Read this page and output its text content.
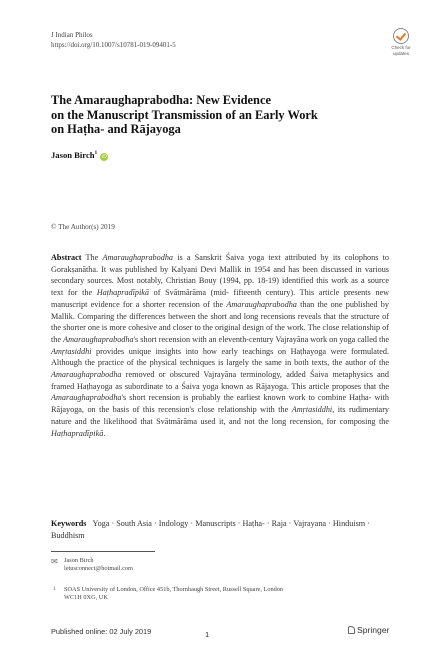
J Indian Philos
https://doi.org/10.1007/s10781-019-09401-5	Check for
updates
The Amaraughaprabodha: New Evidence
on the Manuscript Transmission of an Early Work
on Haṭha- and Rājayoga
Jason Birch$^1$ iD
© The Author(s) 2019

Abstract The Amaraughaprabodha is a Sanskrit Śaiva yoga text attributed by its colophons to Gorakṣanātha. It was published by Kalyani Devi Mallik in 1954 and has been discussed in various secondary sources. Most notably, Christian Bouy (1994, pp. 18-19) identified this work as a source text for the Haṭhapradīpikā of Svātmārāma (mid- fifteenth century). This article presents new manuscript evidence for a shorter recension of the Amaraughaprabodha than the one published by Mallik. Comparing the differences between the short and long recensions reveals that the structure of the shorter one is more cohesive and closer to the original design of the work. The close relationship of the Amaraughaprabodha's short recension with an eleventh-century Vajrayāna work on yoga called the Amṛtasiddhi provides unique insights into how early teachings on Haṭhayoga were formulated. Although the practice of the physical techniques is largely the same in both texts, the author of the Amaraughaprabodha removed or obscured Vajrayāna terminology, added Śaiva metaphysics and framed Haṭhayoga as subordinate to a Śaiva yoga known as Rājayoga. This article proposes that the Amaraughaprabodha's short recension is probably the earliest known work to combine Haṭha- with Rājayoga, on the basis of this recension's close relationship with the Amṛtasiddhi, its rudimentary nature and the likelihood that Svātmārāma used it, and not the long recension, for composing the Haṭhapradīpikā.

Keywords Yoga · South Asia · Indology · Manuscripts · Haṭha- · Raja · Vajrayana · Hinduism · Buddhism
✉ Jason Birch
letusconnect@hotmail.com
1 SOAS University of London, Office 451b, Thornhaugh Street, Russell Square, London
WC1H 0XG, UK
Published online: 02 July 2019	1	Springer
